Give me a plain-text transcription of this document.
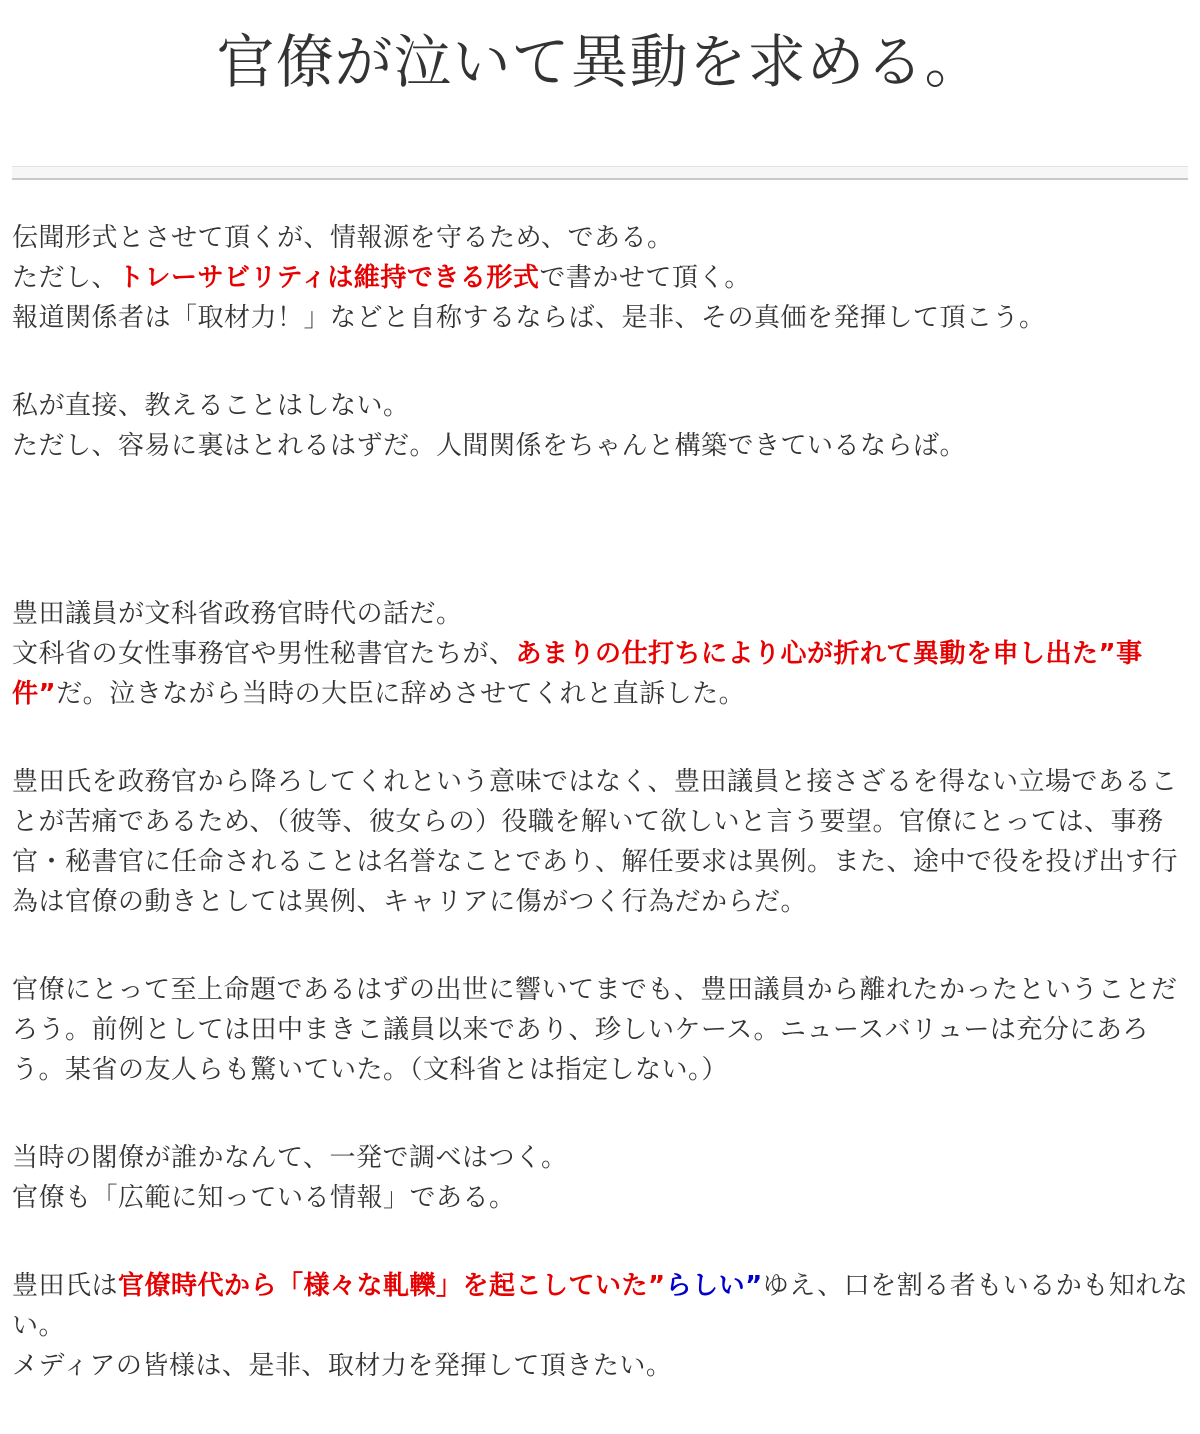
官僚が泣いて異動を求める。

伝聞形式とさせて頂くが、情報源を守るため、である。
ただし、トレーサビリティは維持できる形式で書かせて頂く。
報道関係者は「取材力！」などと自称するならば、是非、その真価を発揮して頂こう。

私が直接、教えることはしない。
ただし、容易に裏はとれるはずだ。人間関係をちゃんと構築できているならば。

豊田議員が文科省政務官時代の話だ。
文科省の女性事務官や男性秘書官たちが、あまりの仕打ちにより心が折れて異動を申し出た”事件”だ。泣きながら当時の大臣に辞めさせてくれと直訴した。

豊田氏を政務官から降ろしてくれという意味ではなく、豊田議員と接さざるを得ない立場であることが苦痛であるため、（彼等、彼女らの）役職を解いて欲しいと言う要望。官僚にとっては、事務官・秘書官に任命されることは名誉なことであり、解任要求は異例。また、途中で役を投げ出す行為は官僚の動きとしては異例、キャリアに傷がつく行為だからだ。

官僚にとって至上命題であるはずの出世に響いてまでも、豊田議員から離れたかったということだろう。前例としては田中まきこ議員以来であり、珍しいケース。ニュースバリューは充分にあろう。某省の友人らも驚いていた。（文科省とは指定しない。）

当時の閣僚が誰かなんて、一発で調べはつく。
官僚も「広範に知っている情報」である。

豊田氏は官僚時代から「様々な軋轢」を起こしていた”らしい”ゆえ、口を割る者もいるかも知れない。
メディアの皆様は、是非、取材力を発揮して頂きたい。
